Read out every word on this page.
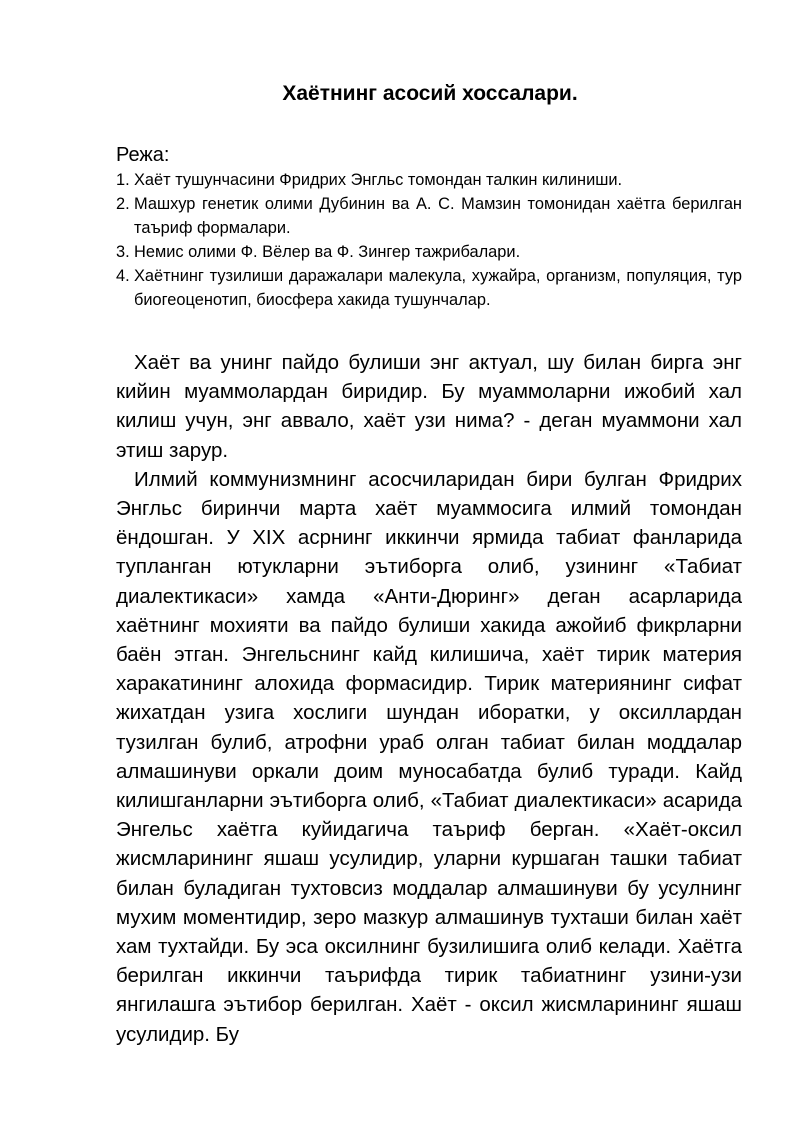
Хаётнинг асосий хоссалари.

Режа:

1. Хаёт тушунчасини Фридрих Энгльс томондан талкин килиниши.
2. Машхур генетик олими Дубинин ва А. С. Мамзин томонидан хаётга берилган таъриф формалари.
3. Немис олими Ф. Вёлер ва Ф. Зингер тажрибалари.
4. Хаётнинг тузилиши даражалари малекула, хужайра, организм, популяция, тур биогеоценотип, биосфера хакида тушунчалар.

Хаёт ва унинг пайдо булиши энг актуал, шу билан бирга энг кийин муаммолардан биридир. Бу муаммоларни ижобий хал килиш учун, энг аввало, хаёт узи нима? - деган муаммони хал этиш зарур.

Илмий коммунизмнинг асосчиларидан бири булган Фридрих Энгльс биринчи марта хаёт муаммосига илмий томондан ёндошган. У XIX асрнинг иккинчи ярмида табиат фанларида тупланган ютукларни эътиборга олиб, узининг «Табиат диалектикаси» хамда «Анти-Дюринг» деган асарларида хаётнинг мохияти ва пайдо булиши хакида ажойиб фикрларни баён этган. Энгельснинг кайд килишича, хаёт тирик материя харакатининг алохида формасидир. Тирик материянинг сифат жихатдан узига хослиги шундан иборатки, у оксиллардан тузилган булиб, атрофни ураб олган табиат билан моддалар алмашинуви оркали доим муносабатда булиб туради. Кайд килишганларни эътиборга олиб, «Табиат диалектикаси» асарида Энгельс хаётга куйидагича таъриф берган. «Хаёт-оксил жисмларининг яшаш усулидир, уларни куршаган ташки табиат билан буладиган тухтовсиз моддалар алмашинуви бу усулнинг мухим моментидир, зеро мазкур алмашинув тухташи билан хаёт хам тухтайди. Бу эса оксилнинг бузилишига олиб келади. Хаётга берилган иккинчи таърифда тирик табиатнинг узини-узи янгилашга эътибор берилган. Хаёт - оксил жисмларининг яшаш усулидир. Бу
